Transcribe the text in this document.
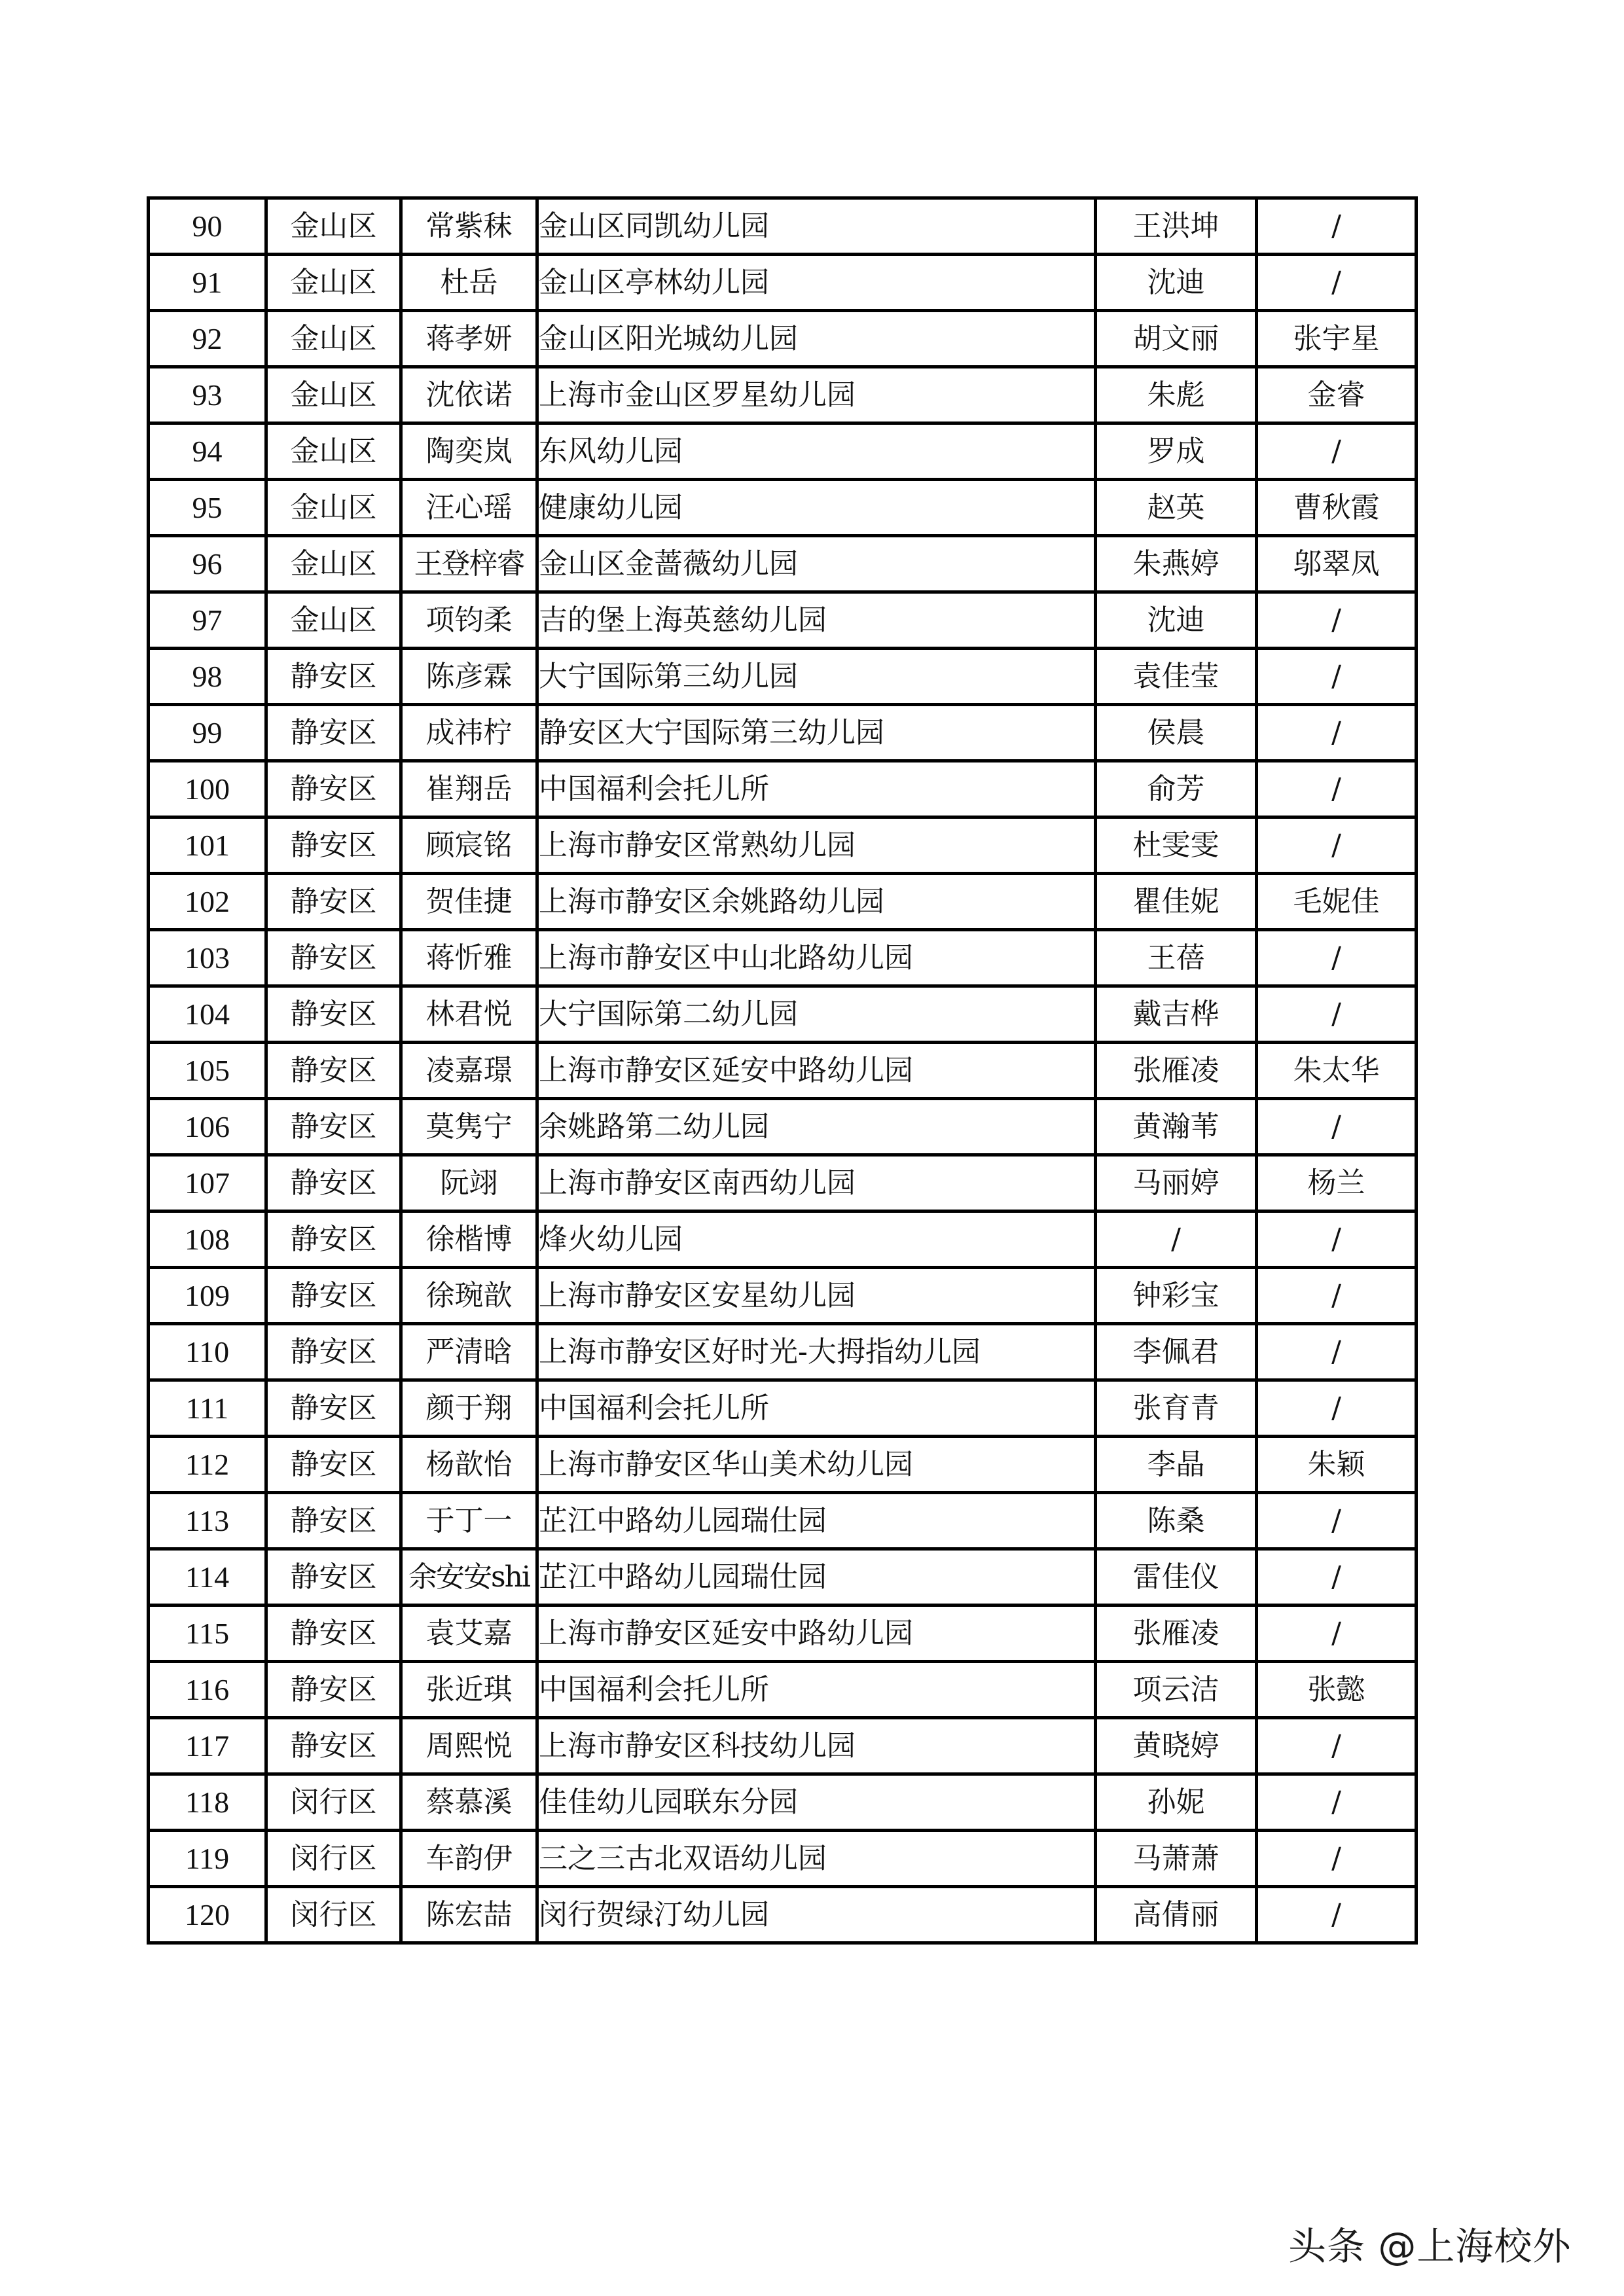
90	金山区	常紫秣	金山区同凯幼儿园	王洪坤	/
91	金山区	杜岳	金山区亭林幼儿园	沈迪	/
92	金山区	蒋孝妍	金山区阳光城幼儿园	胡文丽	张宇星
93	金山区	沈依诺	上海市金山区罗星幼儿园	朱彪	金睿
94	金山区	陶奕岚	东风幼儿园	罗成	/
95	金山区	汪心瑶	健康幼儿园	赵英	曹秋霞
96	金山区	王登梓睿	金山区金蔷薇幼儿园	朱燕婷	邬翠凤
97	金山区	项钧柔	吉的堡上海英慈幼儿园	沈迪	/
98	静安区	陈彦霖	大宁国际第三幼儿园	袁佳莹	/
99	静安区	成祎柠	静安区大宁国际第三幼儿园	侯晨	/
100	静安区	崔翔岳	中国福利会托儿所	俞芳	/
101	静安区	顾宸铭	上海市静安区常熟幼儿园	杜雯雯	/
102	静安区	贺佳捷	上海市静安区余姚路幼儿园	瞿佳妮	毛妮佳
103	静安区	蒋忻雅	上海市静安区中山北路幼儿园	王蓓	/
104	静安区	林君悦	大宁国际第二幼儿园	戴吉桦	/
105	静安区	凌嘉璟	上海市静安区延安中路幼儿园	张雁凌	朱太华
106	静安区	莫隽宁	余姚路第二幼儿园	黄瀚苇	/
107	静安区	阮翊	上海市静安区南西幼儿园	马丽婷	杨兰
108	静安区	徐楷博	烽火幼儿园	/	/
109	静安区	徐琬歆	上海市静安区安星幼儿园	钟彩宝	/
110	静安区	严清晗	上海市静安区好时光-大拇指幼儿园	李佩君	/
111	静安区	颜于翔	中国福利会托儿所	张育青	/
112	静安区	杨歆怡	上海市静安区华山美术幼儿园	李晶	朱颖
113	静安区	于丁一	芷江中路幼儿园瑞仕园	陈桑	/
114	静安区	余安安shi	芷江中路幼儿园瑞仕园	雷佳仪	/
115	静安区	袁艾嘉	上海市静安区延安中路幼儿园	张雁凌	/
116	静安区	张近琪	中国福利会托儿所	项云洁	张懿
117	静安区	周熙悦	上海市静安区科技幼儿园	黄晓婷	/
118	闵行区	蔡慕溪	佳佳幼儿园联东分园	孙妮	/
119	闵行区	车韵伊	三之三古北双语幼儿园	马萧萧	/
120	闵行区	陈宏喆	闵行贺绿汀幼儿园	高倩丽	/
头条 @上海校外
